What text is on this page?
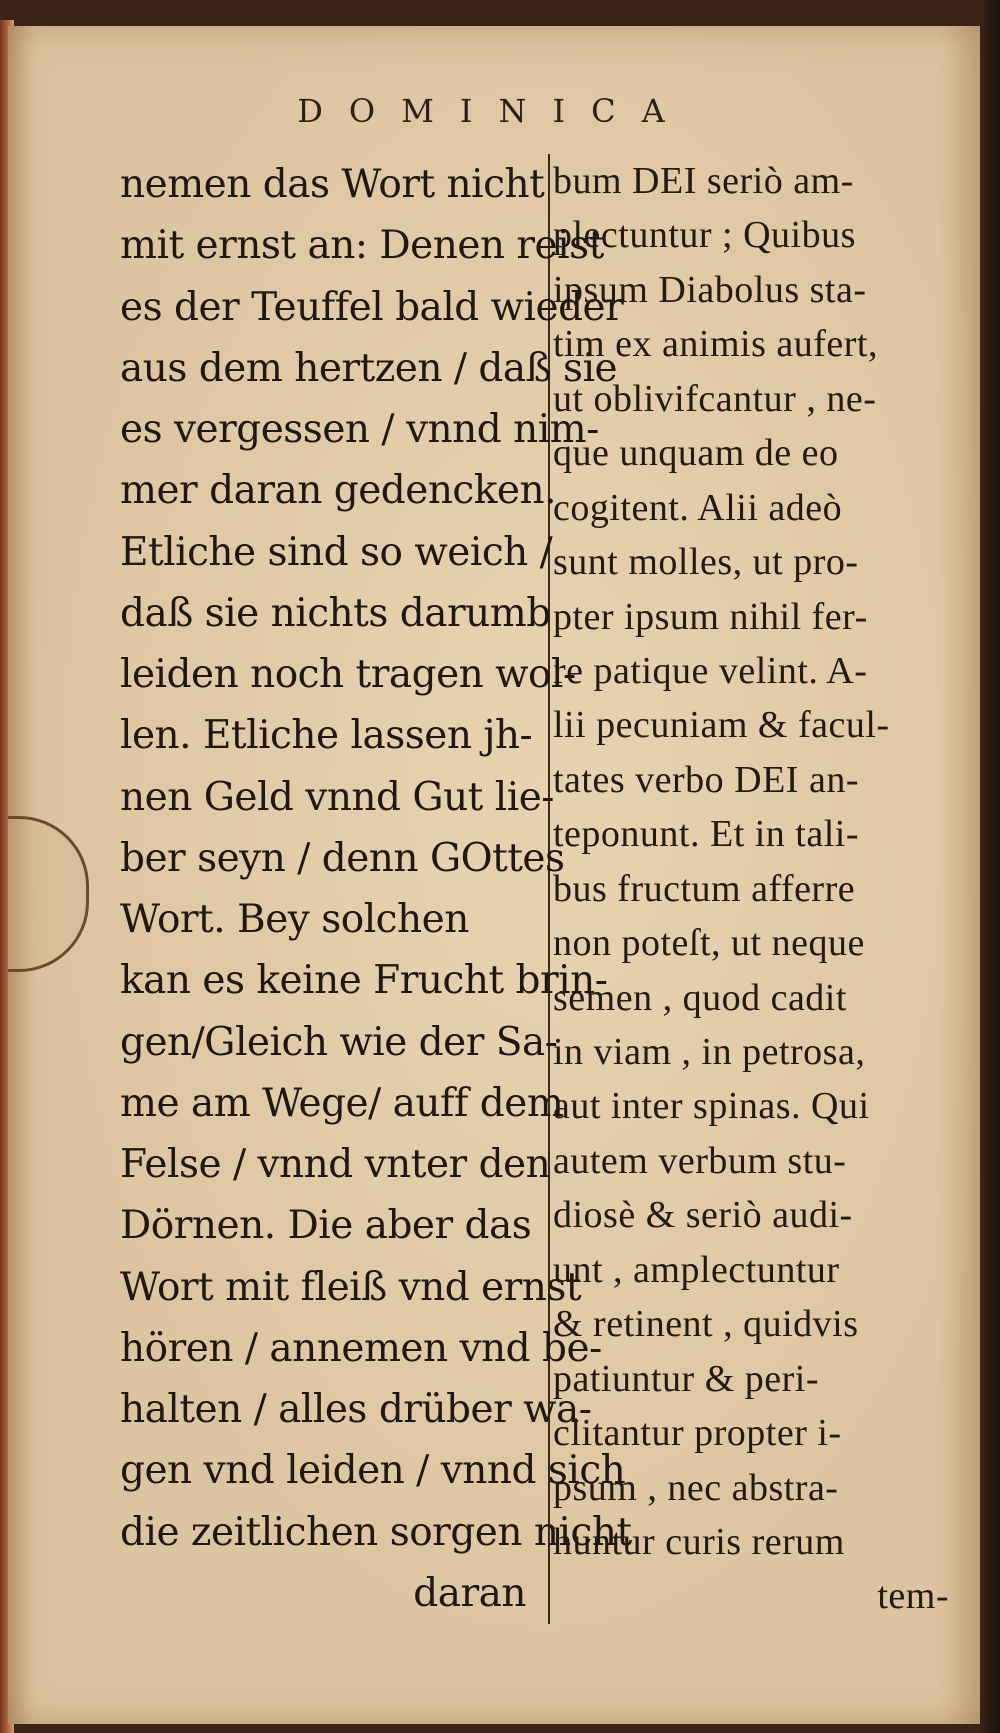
DOMINICA
nemen das Wort nicht
mit ernst an: Denen reist
es der Teuffel bald wieder
aus dem hertzen / daß sie
es vergessen / vnnd nim-
mer daran gedencken.
Etliche sind so weich /
daß sie nichts darumb
leiden noch tragen wol-
len. Etliche lassen jh-
nen Geld vnnd Gut lie-
ber seyn / denn GOttes
Wort. Bey solchen
kan es keine Frucht brin-
gen/Gleich wie der Sa-
me am Wege/ auff dem
Felse / vnnd vnter den
Dörnen. Die aber das
Wort mit fleiß vnd ernst
hören / annemen vnd be-
halten / alles drüber wa-
gen vnd leiden / vnnd sich
die zeitlichen sorgen nicht
daran
bum DEI seriò am-
plectuntur ; Quibus
ipsum Diabolus sta-
tim ex animis aufert,
ut oblivifcantur , ne-
que unquam de eo
cogitent. Alii adeò
sunt molles, ut pro-
pter ipsum nihil fer-
re patique velint. A-
lii pecuniam & facul-
tates verbo DEI an-
teponunt. Et in tali-
bus fructum afferre
non poteſt, ut neque
semen , quod cadit
in viam , in petrosa,
aut inter spinas. Qui
autem verbum stu-
diosè & seriò audi-
unt , amplectuntur
& retinent , quidvis
patiuntur & peri-
clitantur propter i-
psum , nec abstra-
huntur curis rerum
tem-
